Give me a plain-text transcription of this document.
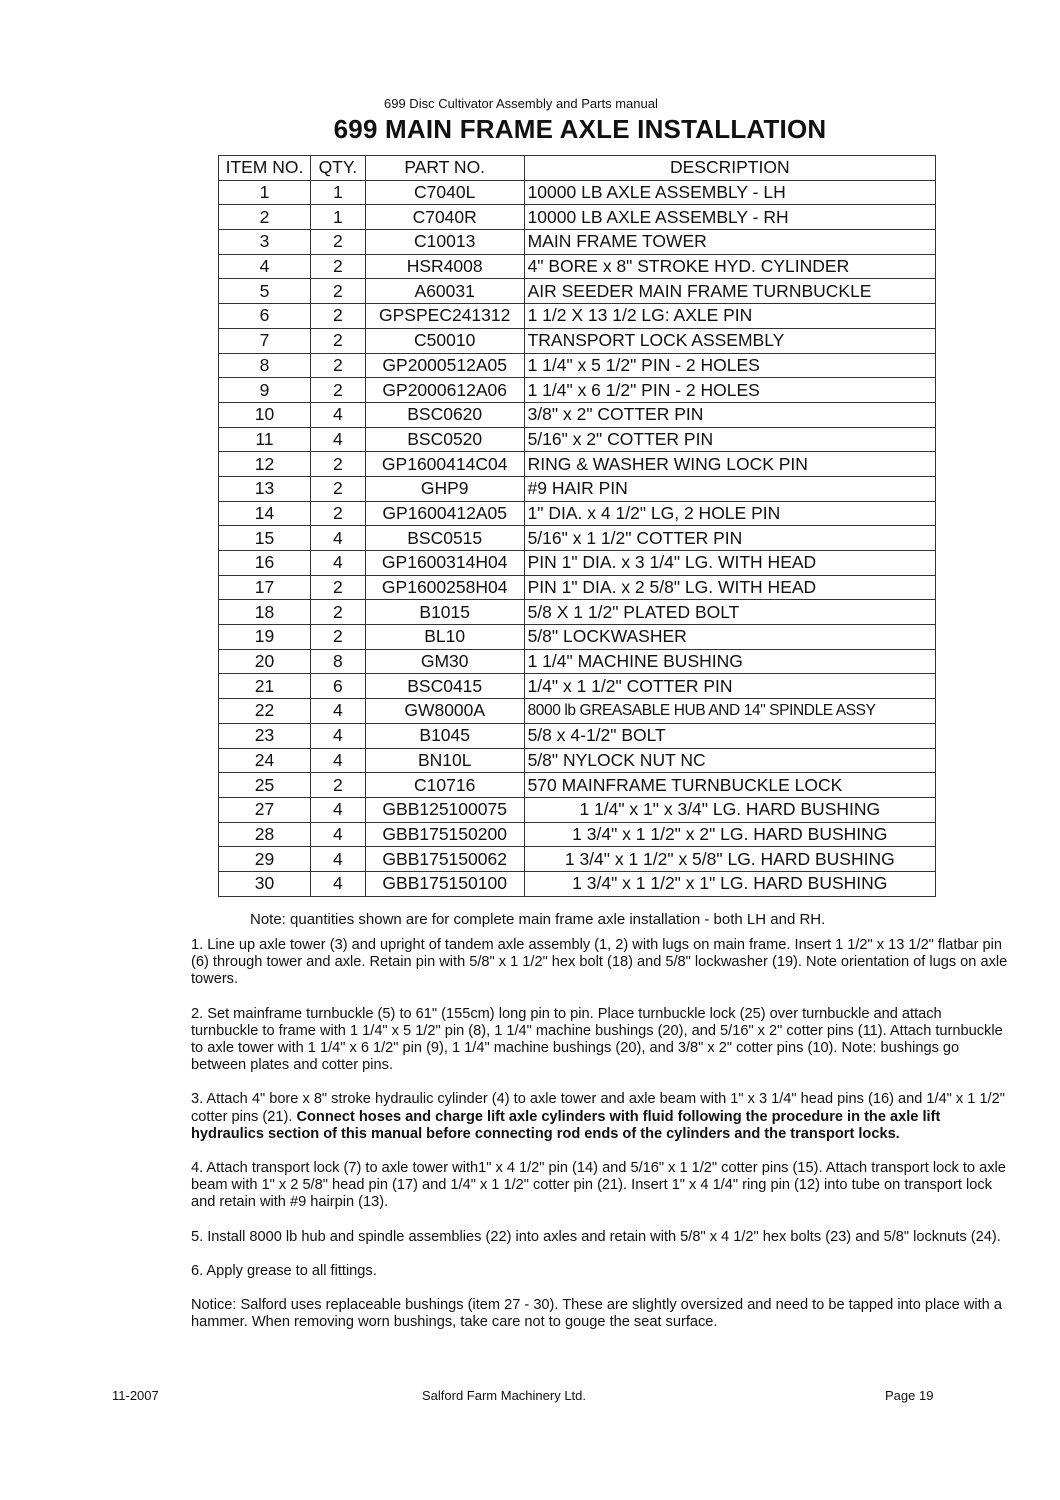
699 Disc Cultivator Assembly and Parts manual
699 MAIN FRAME AXLE INSTALLATION
ITEM NO.	QTY.	PART NO.	DESCRIPTION
1	1	C7040L	10000 LB AXLE ASSEMBLY - LH
2	1	C7040R	10000 LB AXLE ASSEMBLY - RH
3	2	C10013	MAIN FRAME TOWER
4	2	HSR4008	4" BORE x 8" STROKE HYD. CYLINDER
5	2	A60031	AIR SEEDER MAIN FRAME TURNBUCKLE
6	2	GPSPEC241312	1 1/2 X 13 1/2 LG: AXLE PIN
7	2	C50010	TRANSPORT LOCK ASSEMBLY
8	2	GP2000512A05	1 1/4" x 5 1/2" PIN - 2 HOLES
9	2	GP2000612A06	1 1/4" x 6 1/2" PIN - 2 HOLES
10	4	BSC0620	3/8" x 2" COTTER PIN
11	4	BSC0520	5/16" x 2" COTTER PIN
12	2	GP1600414C04	RING & WASHER WING LOCK PIN
13	2	GHP9	#9 HAIR PIN
14	2	GP1600412A05	1" DIA. x 4 1/2" LG, 2 HOLE PIN
15	4	BSC0515	5/16" x 1 1/2" COTTER PIN
16	4	GP1600314H04	PIN 1" DIA. x 3 1/4" LG. WITH HEAD
17	2	GP1600258H04	PIN 1" DIA. x 2 5/8" LG. WITH HEAD
18	2	B1015	5/8 X 1 1/2" PLATED BOLT
19	2	BL10	5/8" LOCKWASHER
20	8	GM30	1 1/4" MACHINE BUSHING
21	6	BSC0415	1/4" x 1 1/2" COTTER PIN
22	4	GW8000A	8000 lb GREASABLE HUB AND 14" SPINDLE ASSY
23	4	B1045	5/8 x 4-1/2" BOLT
24	4	BN10L	5/8" NYLOCK NUT NC
25	2	C10716	570 MAINFRAME TURNBUCKLE LOCK
27	4	GBB125100075	1 1/4" x 1" x 3/4" LG. HARD BUSHING
28	4	GBB175150200	1 3/4" x 1 1/2" x 2" LG. HARD BUSHING
29	4	GBB175150062	1 3/4" x 1 1/2" x 5/8" LG. HARD BUSHING
30	4	GBB175150100	1 3/4" x 1 1/2" x 1" LG. HARD BUSHING
Note: quantities shown are for complete main frame axle installation - both LH and RH.

1. Line up axle tower (3) and upright of tandem axle assembly (1, 2) with lugs on main frame. Insert 1 1/2" x 13 1/2" flatbar pin (6) through tower and axle. Retain pin with 5/8" x 1 1/2" hex bolt (18) and 5/8" lockwasher (19). Note orientation of lugs on axle towers.

2. Set mainframe turnbuckle (5) to 61" (155cm) long pin to pin. Place turnbuckle lock (25) over turnbuckle and attach turnbuckle to frame with 1 1/4" x 5 1/2" pin (8), 1 1/4" machine bushings (20), and 5/16" x 2" cotter pins (11). Attach turnbuckle to axle tower with 1 1/4" x 6 1/2" pin (9), 1 1/4" machine bushings (20), and 3/8" x 2" cotter pins (10). Note: bushings go between plates and cotter pins.

3. Attach 4" bore x 8" stroke hydraulic cylinder (4) to axle tower and axle beam with 1" x 3 1/4" head pins (16) and 1/4" x 1 1/2" cotter pins (21). Connect hoses and charge lift axle cylinders with fluid following the procedure in the axle lift hydraulics section of this manual before connecting rod ends of the cylinders and the transport locks.

4. Attach transport lock (7) to axle tower with1" x 4 1/2" pin (14) and 5/16" x 1 1/2" cotter pins (15). Attach transport lock to axle beam with 1" x 2 5/8" head pin (17) and 1/4" x 1 1/2" cotter pin (21). Insert 1" x 4 1/4" ring pin (12) into tube on transport lock and retain with #9 hairpin (13).

5. Install 8000 lb hub and spindle assemblies (22) into axles and retain with 5/8" x 4 1/2" hex bolts (23) and 5/8" locknuts (24).

6. Apply grease to all fittings.

Notice: Salford uses replaceable bushings (item 27 - 30). These are slightly oversized and need to be tapped into place with a hammer. When removing worn bushings, take care not to gouge the seat surface.

11-2007	Salford Farm Machinery Ltd.	Page 19
